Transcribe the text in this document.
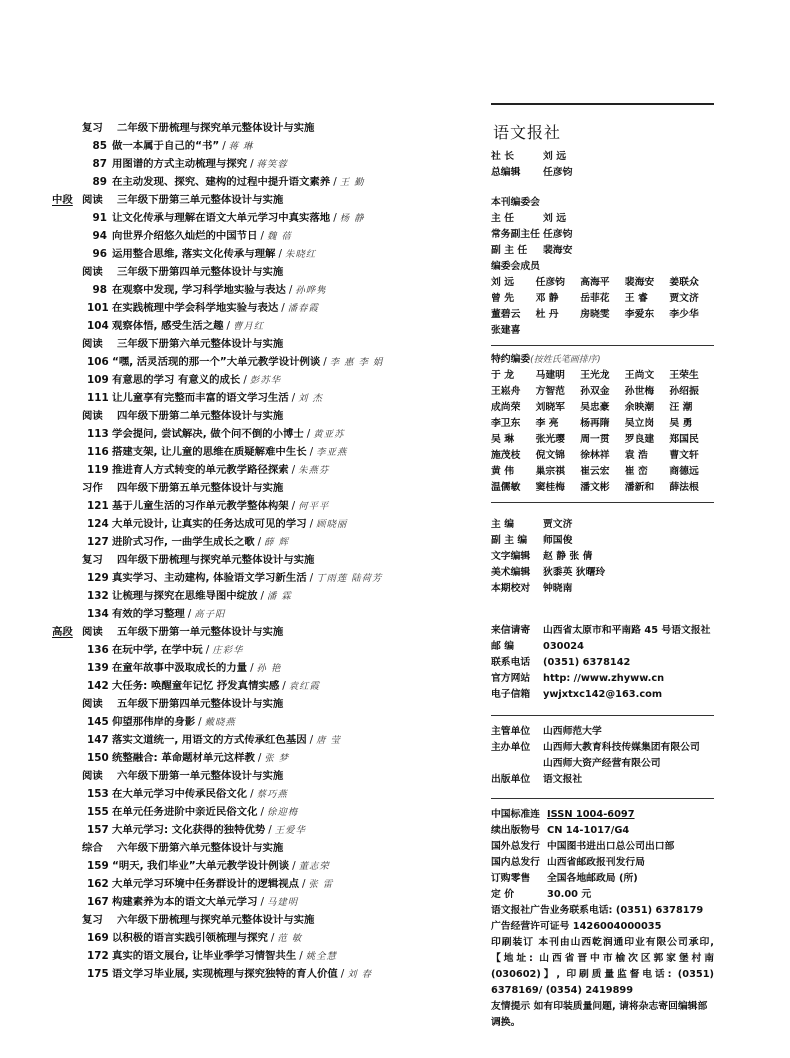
复习 二年级下册梳理与探究单元整体设计与实施
85 做一本属于自己的“书” / 蒋 琳
87 用图谱的方式主动梳理与探究 / 蒋笑蓉
89 在主动发现、探究、建构的过程中提升语文素养 / 王 勤
中段 阅读 三年级下册第三单元整体设计与实施
91 让文化传承与理解在语文大单元学习中真实落地 / 杨 静
94 向世界介绍悠久灿烂的中国节日 / 魏 蓓
96 运用整合思维, 落实文化传承与理解 / 朱晓红
阅读 三年级下册第四单元整体设计与实施
98 在观察中发现, 学习科学地实验与表达 / 孙晔隽
101 在实践梳理中学会科学地实验与表达 / 潘春霞
104 观察体悟, 感受生活之趣 / 曹月红
阅读 三年级下册第六单元整体设计与实施
106 “嘿, 活灵活现的那一个”大单元教学设计例谈 / 李 惠 李 娟
109 有意思的学习 有意义的成长 / 彭苏华
111 让儿童享有完整而丰富的语文学习生活 / 刘 杰
阅读 四年级下册第二单元整体设计与实施
113 学会提问, 尝试解决, 做个问不倒的小博士 / 黄亚苏
116 搭建支架, 让儿童的思维在质疑解难中生长 / 李亚燕
119 推进育人方式转变的单元教学路径探索 / 朱燕芬
习作 四年级下册第五单元整体设计与实施
121 基于儿童生活的习作单元教学整体构架 / 何平平
124 大单元设计, 让真实的任务达成可见的学习 / 顾晓丽
127 进阶式习作, 一曲学生成长之歌 / 薛 辉
复习 四年级下册梳理与探究单元整体设计与实施
129 真实学习、主动建构, 体验语文学习新生活 / 丁雨莲 陆荷芳
132 让梳理与探究在思维导图中绽放 / 潘 霖
134 有效的学习整理 / 高子阳
高段 阅读 五年级下册第一单元整体设计与实施
136 在玩中学, 在学中玩 / 庄彩华
139 在童年故事中汲取成长的力量 / 孙 艳
142 大任务: 唤醒童年记忆 抒发真情实感 / 袁红霞
阅读 五年级下册第四单元整体设计与实施
145 仰望那伟岸的身影 / 戴晓燕
147 落实文道统一, 用语文的方式传承红色基因 / 唐 莹
150 统整融合: 革命题材单元这样教 / 张 梦
阅读 六年级下册第一单元整体设计与实施
153 在大单元学习中传承民俗文化 / 蔡巧燕
155 在单元任务进阶中亲近民俗文化 / 徐迎梅
157 大单元学习: 文化获得的独特优势 / 王爱华
综合 六年级下册第六单元整体设计与实施
159 “明天, 我们毕业”大单元教学设计例谈 / 董志荣
162 大单元学习环境中任务群设计的逻辑视点 / 张 雷
167 构建素养为本的语文大单元学习 / 马建明
复习 六年级下册梳理与探究单元整体设计与实施
169 以积极的语言实践引领梳理与探究 / 范 敏
172 真实的语文展台, 让毕业季学习情智共生 / 姚全慧
175 语文学习毕业展, 实现梳理与探究独特的育人价值 / 刘 春
语文报社
社 长	刘 远
总编辑	任彦钧
本刊编委会
主 任	刘 远
常务副主任 任彦钧
副 主 任	裴海安
编委会成员
刘 远	任彦钧	高海平	裴海安	姜联众
曾 先	邓 静	岳菲花	王 睿	贾文济
董碧云	杜 丹	房晓雯	李爱东	李少华
张建喜
特约编委(按姓氏笔画排序)
于 龙	马建明	王光龙	王尚文	王荣生
王崧舟	方智范	孙双金	孙世梅	孙绍振
成尚荣	刘晓军	吴忠豪	余映潮	汪 潮
李卫东	李 亮	杨再隋	吴立岗	吴 勇
吴 琳	张光璎	周一贯	罗良建	郑国民
施茂枝	倪文锦	徐林祥	袁 浩	曹文轩
黄 伟	巢宗祺	崔云宏	崔 峦	商德远
温儒敏	窦桂梅	潘文彬	潘新和	薛法根
主 编	贾文济
副 主 编	师国俊
文字编辑	赵 静 张 倩
美术编辑	狄黍英 狄曙玲
本期校对	钟晓南
来信请寄	山西省太原市和平南路 45 号语文报社
邮 编	030024
联系电话	(0351) 6378142
官方网站	http: //www.zhyww.cn
电子信箱	ywjxtxc142@163.com
主管单位	山西师范大学
主办单位	山西师大教育科技传媒集团有限公司
山西师大资产经营有限公司
出版单位	语文报社
中国标准连 ISSN 1004-6097
续出版物号 CN 14-1017/G4
国外总发行 中国图书进出口总公司出口部
国内总发行 山西省邮政报刊发行局
订购零售	全国各地邮政局 (所)
定 价	30.00 元
语文报社广告业务联系电话: (0351) 6378179
广告经营许可证号 1426004000035
印刷装订 本刊由山西乾润通印业有限公司承印, 【地址: 山西省晋中市榆次区郭家堡村南 (030602)】, 印刷质量监督电话: (0351) 6378169/ (0354) 2419899
友情提示 如有印装质量问题, 请将杂志寄回编辑部调换。
